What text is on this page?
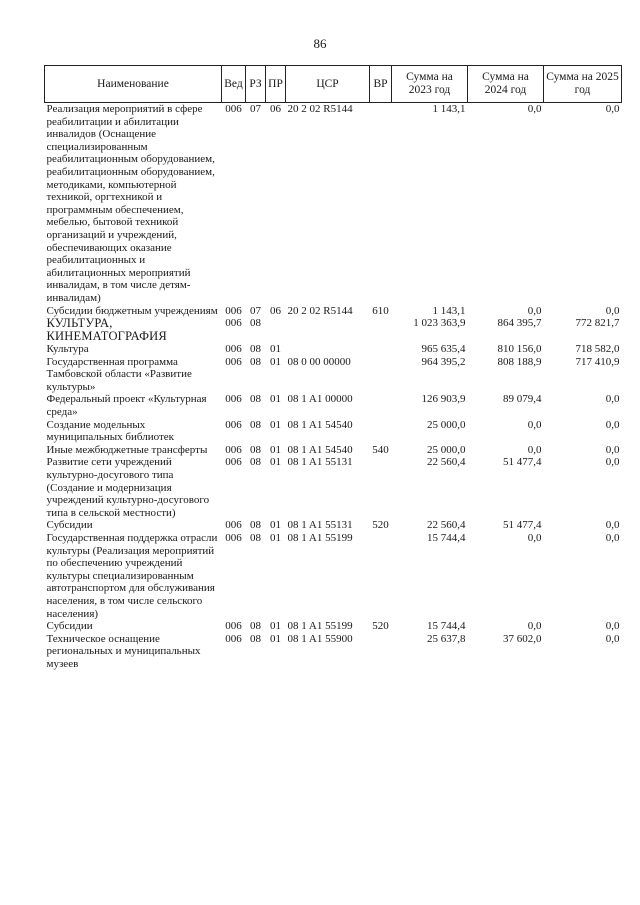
86
Наименование	Вед	РЗ	ПР	ЦСР	ВР	Сумма на 2023 год	Сумма на 2024 год	Сумма на 2025 год
Реализация мероприятий в сфере реабилитации и абилитации инвалидов (Оснащение специализированным реабилитационным оборудованием, реабилитационным оборудованием, методиками, компьютерной техникой, оргтехникой и программным обеспечением, мебелью, бытовой техникой организаций и учреждений, обеспечивающих оказание реабилитационных и абилитационных мероприятий инвалидам, в том числе детям-инвалидам)	006	07	06	20 2 02 R5144		1 143,1	0,0	0,0
Субсидии бюджетным учреждениям	006	07	06	20 2 02 R5144	610	1 143,1	0,0	0,0
КУЛЬТУРА, КИНЕМАТОГРАФИЯ	006	08				1 023 363,9	864 395,7	772 821,7
Культура	006	08	01			965 635,4	810 156,0	718 582,0
Государственная программа Тамбовской области «Развитие культуры»	006	08	01	08 0 00 00000		964 395,2	808 188,9	717 410,9
Федеральный проект «Культурная среда»	006	08	01	08 1 A1 00000		126 903,9	89 079,4	0,0
Создание модельных муниципальных библиотек	006	08	01	08 1 A1 54540		25 000,0	0,0	0,0
Иные межбюджетные трансферты	006	08	01	08 1 A1 54540	540	25 000,0	0,0	0,0
Развитие сети учреждений культурно-досугового типа (Создание и модернизация учреждений культурно-досугового типа в сельской местности)	006	08	01	08 1 A1 55131		22 560,4	51 477,4	0,0
Субсидии	006	08	01	08 1 A1 55131	520	22 560,4	51 477,4	0,0
Государственная поддержка отрасли культуры (Реализация мероприятий по обеспечению учреждений культуры специализированным автотранспортом для обслуживания населения, в том числе сельского населения)	006	08	01	08 1 A1 55199		15 744,4	0,0	0,0
Субсидии	006	08	01	08 1 A1 55199	520	15 744,4	0,0	0,0
Техническое оснащение региональных и муниципальных музеев	006	08	01	08 1 A1 55900		25 637,8	37 602,0	0,0
